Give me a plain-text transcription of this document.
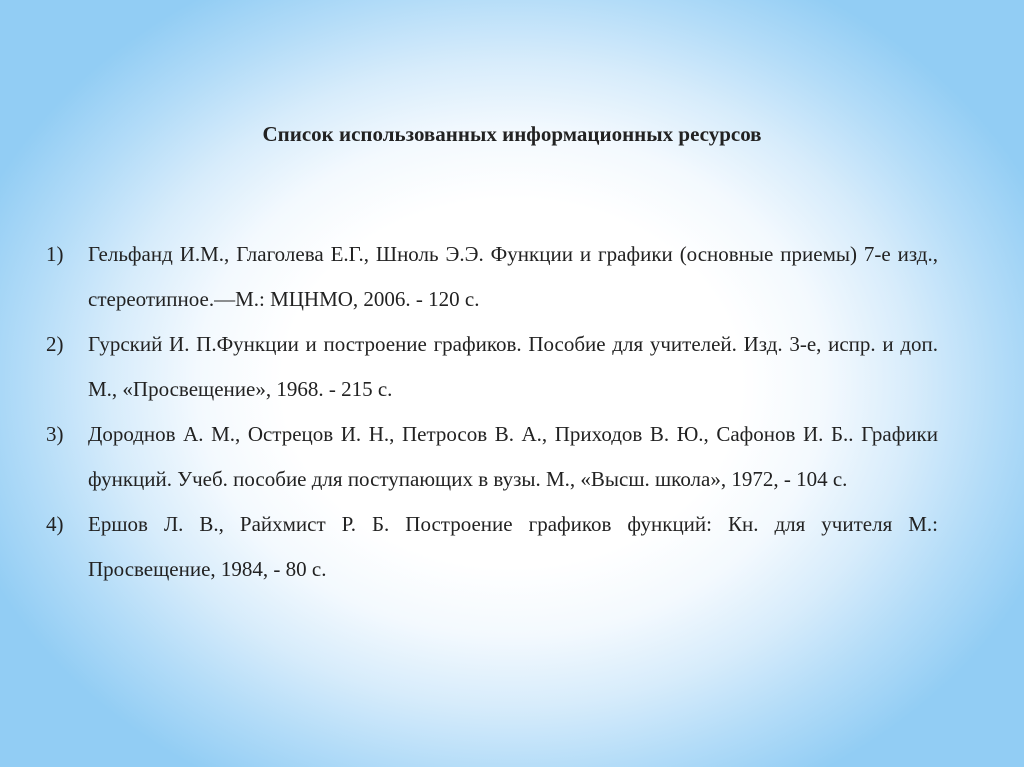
Список использованных информационных ресурсов
1) Гельфанд И.М., Глаголева Е.Г., Шноль Э.Э. Функции и графики (основные приемы) 7-е изд., стереотипное.—М.: МЦНМО, 2006. - 120 с.
2) Гурский И. П.Функции и построение графиков. Пособие для учителей. Изд. 3-е, испр. и доп. М., «Просвещение», 1968. - 215 с.
3) Дороднов А. М., Острецов И. Н., Петросов В. А., Приходов В. Ю., Сафонов И. Б.. Графики функций. Учеб. пособие для поступающих в вузы. М., «Высш. школа», 1972, - 104 с.
4) Ершов Л. В., Райхмист Р. Б. Построение графиков функций: Кн. для учителя М.: Просвещение, 1984, - 80 с.
